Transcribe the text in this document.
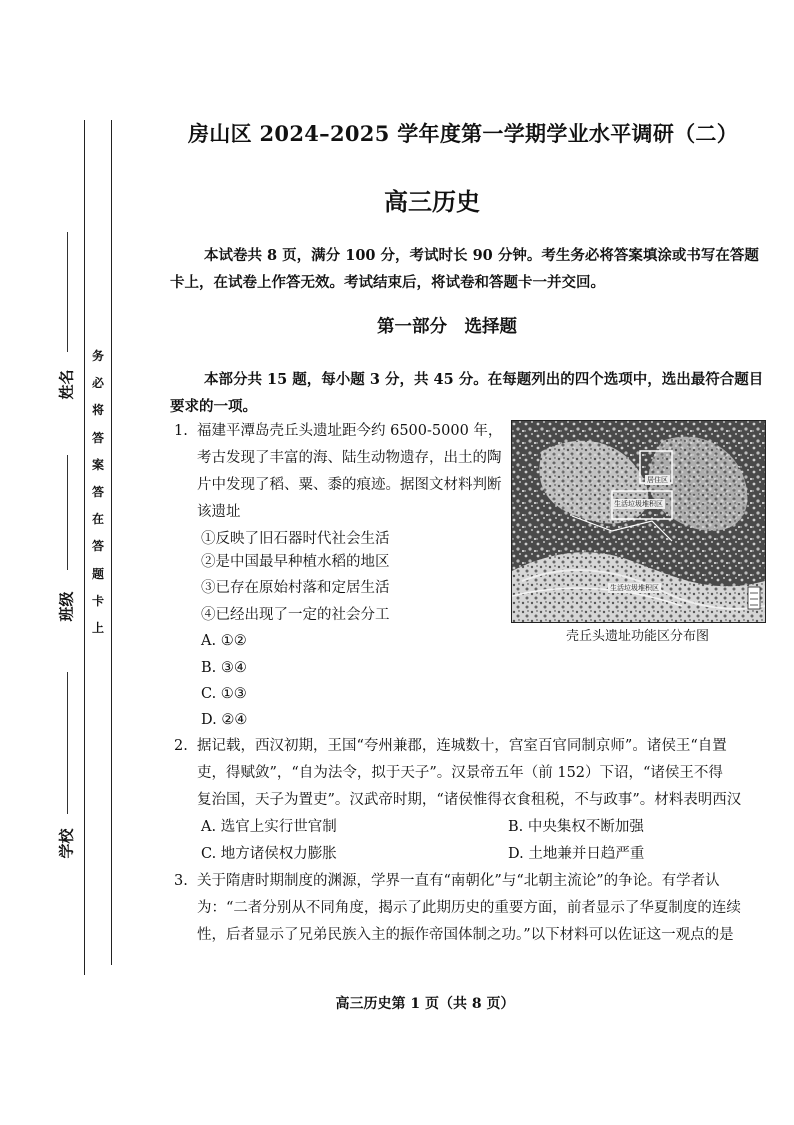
姓名
班级
学校
务
必
将
答
案
答
在
答
题
卡
上
房山区 2024–2025 学年度第一学期学业水平调研（二）
高三历史

本试卷共 8 页，满分 100 分，考试时长 90 分钟。考生务必将答案填涂或书写在答题

卡上，在试卷上作答无效。考试结束后，将试卷和答题卡一并交回。

第一部分　选择题

本部分共 15 题，每小题 3 分，共 45 分。在每题列出的四个选项中，选出最符合题目

要求的一项。

1. 福建平潭岛壳丘头遗址距今约 6500-5000 年，
考古发现了丰富的海、陆生动物遗存，出土的陶
片中发现了稻、粟、黍的痕迹。据图文材料判断
该遗址
①反映了旧石器时代社会生活
②是中国最早种植水稻的地区
③已存在原始村落和定居生活
④已经出现了一定的社会分工
A. ①②
B. ③④
C. ①③
D. ②④
居住区
生活垃圾堆积区
生活垃圾堆积区
壳丘头遗址功能区分布图
2. 据记载，西汉初期，王国“夸州兼郡，连城数十，宫室百官同制京师”。诸侯王“自置
吏，得赋敛”，“自为法令，拟于天子”。汉景帝五年（前 152）下诏，“诸侯王不得
复治国，天子为置吏”。汉武帝时期，“诸侯惟得衣食租税，不与政事”。材料表明西汉
A. 选官上实行世官制	B. 中央集权不断加强
C. 地方诸侯权力膨胀	D. 土地兼并日趋严重
3. 关于隋唐时期制度的渊源，学界一直有“南朝化”与“北朝主流论”的争论。有学者认
为：“二者分别从不同角度，揭示了此期历史的重要方面，前者显示了华夏制度的连续
性，后者显示了兄弟民族入主的振作帝国体制之功。”以下材料可以佐证这一观点的是
高三历史第 1 页（共 8 页）
